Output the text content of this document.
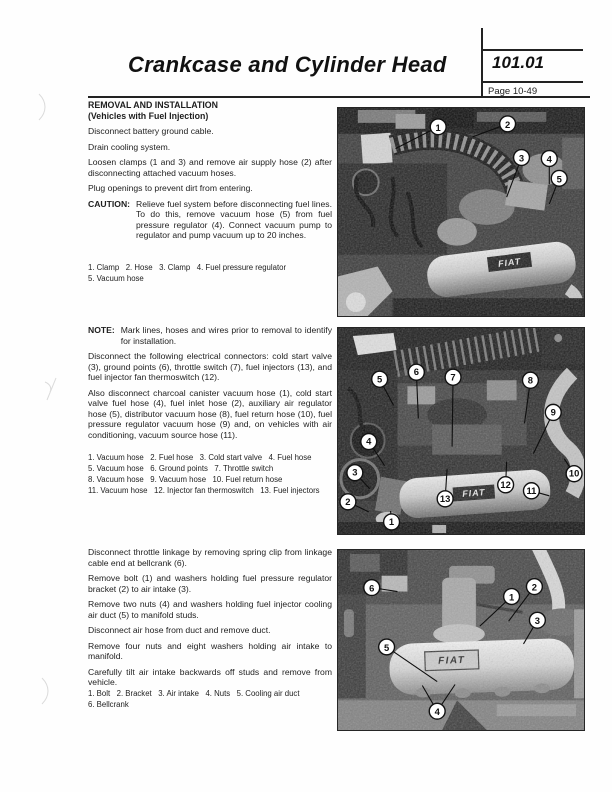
Crankcase and Cylinder Head	101.01
Page 10-49
REMOVAL AND INSTALLATION
(Vehicles with Fuel Injection)

Disconnect battery ground cable.

Drain cooling system.

Loosen clamps (1 and 3) and remove air supply hose (2) after disconnecting attached vacuum hoses.

Plug openings to prevent dirt from entering.

CAUTION: Relieve fuel system before disconnecting fuel lines. To do this, remove vacuum hose (5) from fuel pressure regulator (4). Connect vacuum pump to regulator and pump vacuum up to 20 inches.
1. Clamp   2. Hose   3. Clamp   4. Fuel pressure regulator
5. Vacuum hose
NOTE: Mark lines, hoses and wires prior to removal to identify for installation.

Disconnect the following electrical connectors: cold start valve (3), ground points (6), throttle switch (7), fuel injectors (13), and fuel injector fan thermoswitch (12).

Also disconnect charcoal canister vacuum hose (1), cold start valve fuel hose (4), fuel inlet hose (2), auxiliary air regulator hose (5), distributor vacuum hose (8), fuel return hose (10), fuel pressure regulator vacuum hose (9) and, on vehicles with air conditioning, vacuum source hose (11).

1. Vacuum hose   2. Fuel hose   3. Cold start valve   4. Fuel hose
5. Vacuum hose   6. Ground points   7. Throttle switch
8. Vacuum hose   9. Vacuum hose   10. Fuel return hose
11. Vacuum hose   12. Injector fan thermoswitch   13. Fuel injectors

Disconnect throttle linkage by removing spring clip from linkage cable end at bellcrank (6).

Remove bolt (1) and washers holding fuel pressure regulator bracket (2) to air intake (3).

Remove two nuts (4) and washers holding fuel injector cooling air duct (5) to manifold studs.

Disconnect air hose from duct and remove duct.

Remove four nuts and eight washers holding air intake to manifold.

Carefully tilt air intake backwards off studs and remove from vehicle.

1. Bolt   2. Bracket   3. Air intake   4. Nuts   5. Cooling air duct
6. Bellcrank
FIAT
1	2
3 4
5
FIAT
1
2
3
4
5
6	7	8
9
10
11
12
13
FIAT
1
2
3
4
5
6
